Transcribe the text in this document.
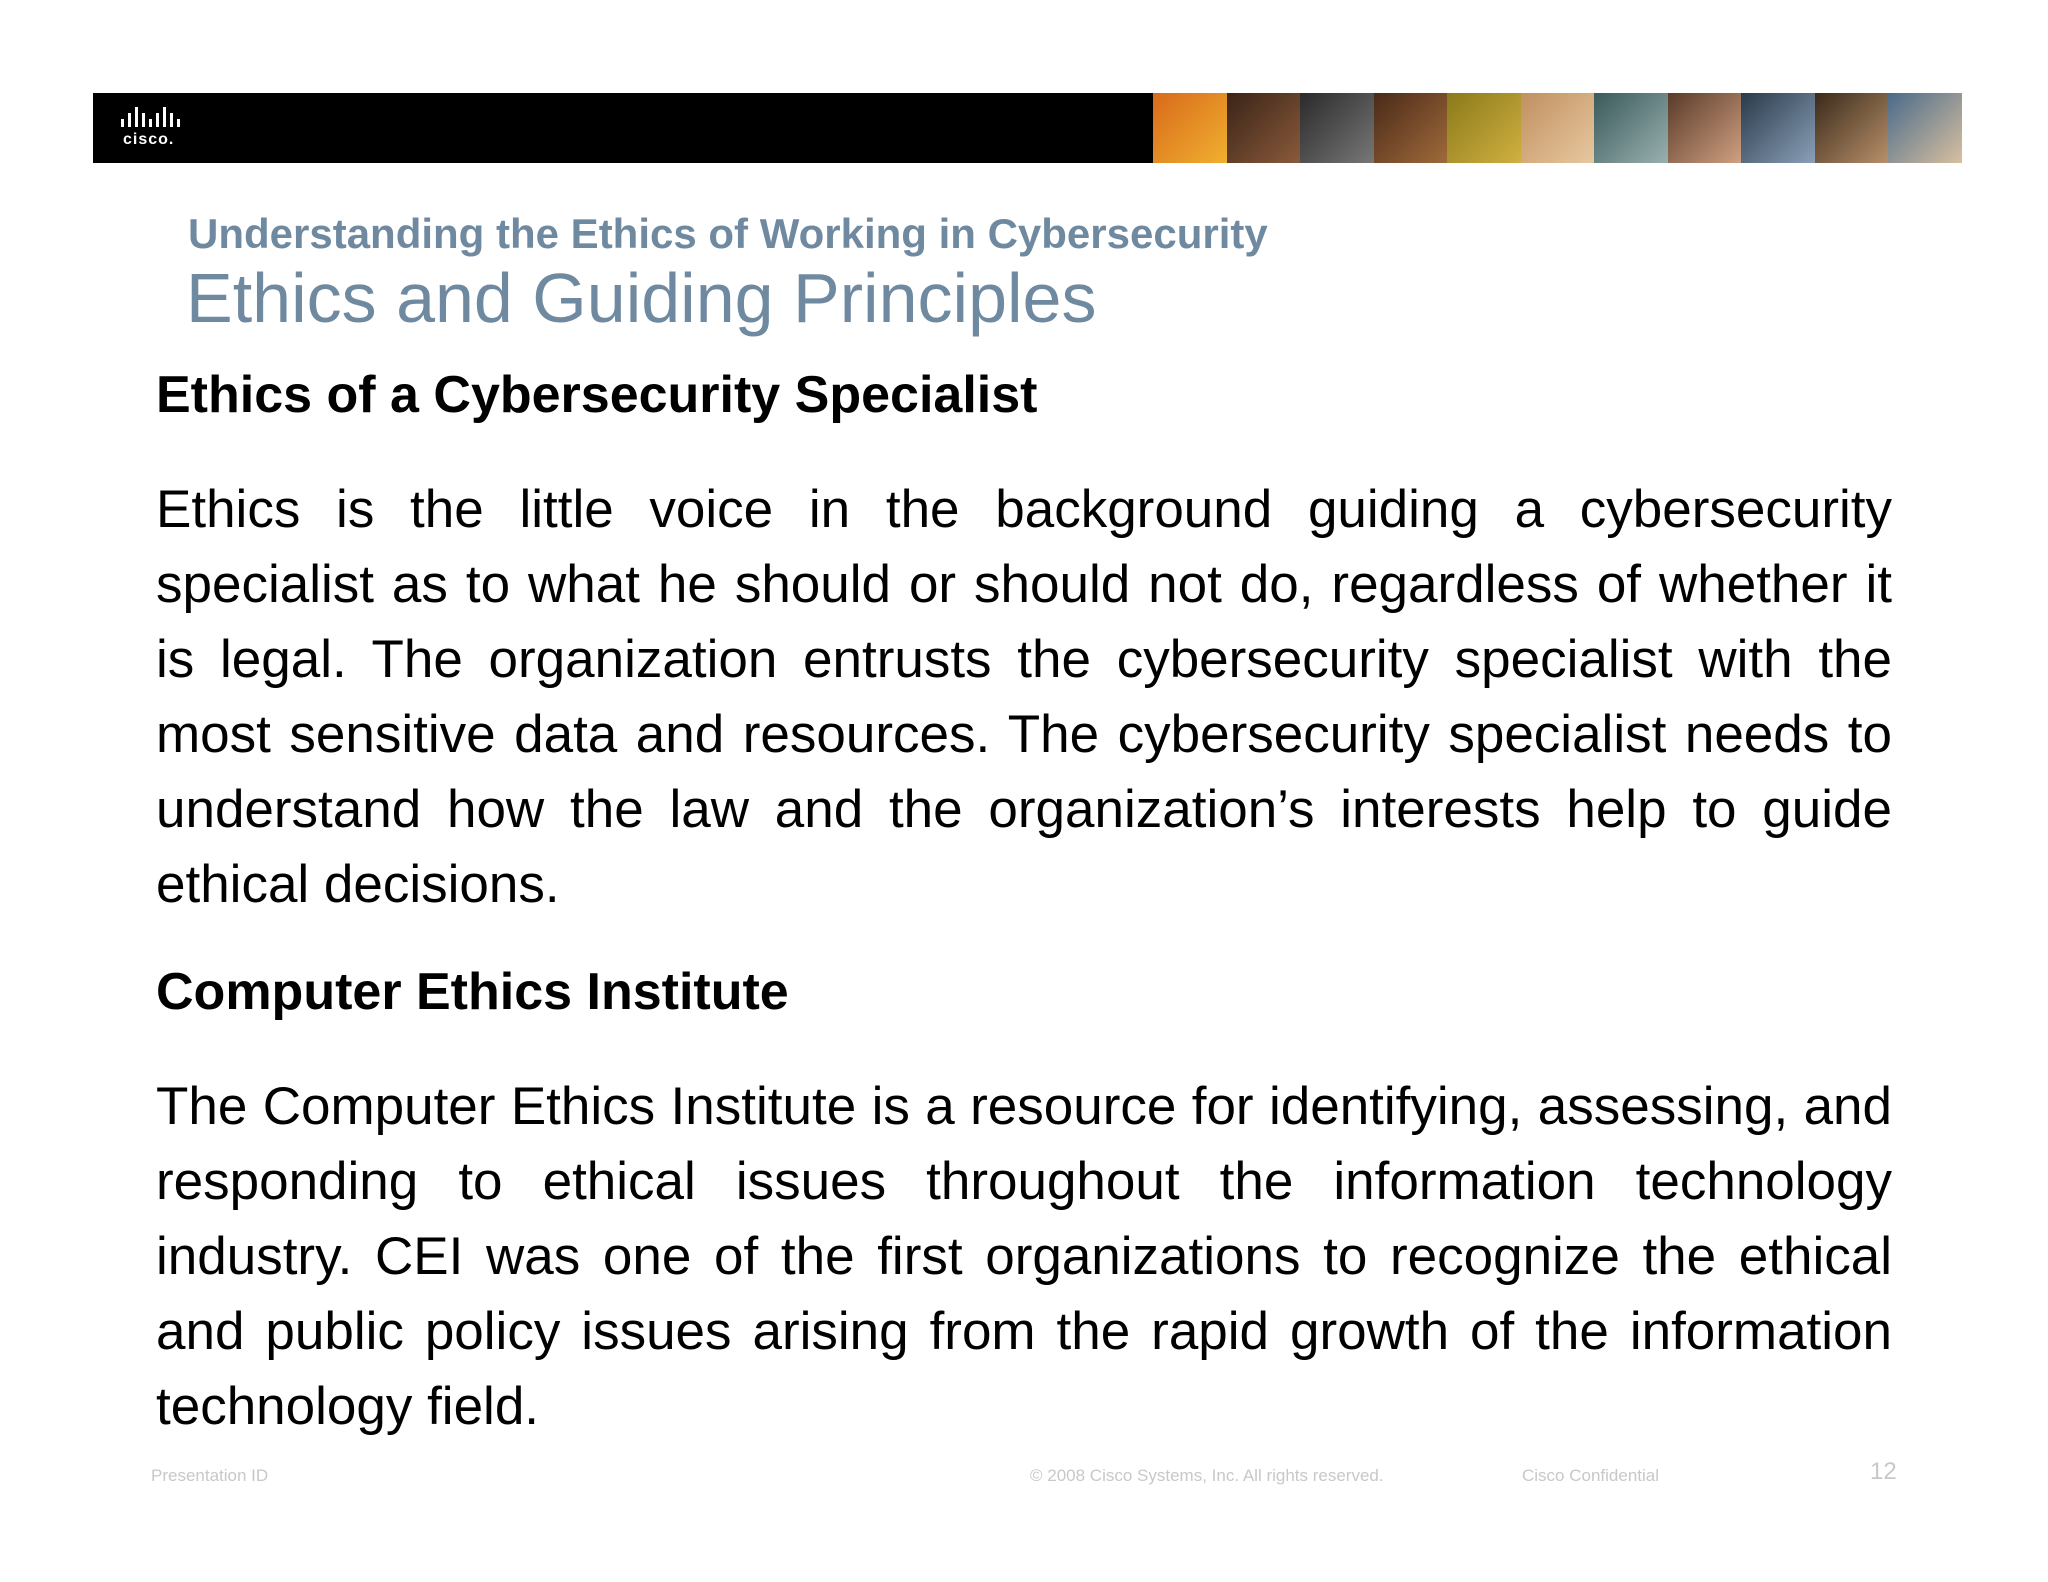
cisco.
Understanding the Ethics of Working in Cybersecurity
Ethics and Guiding Principles
Ethics of a Cybersecurity Specialist

Ethics is the little voice in the background guiding a cybersecurity specialist as to what he should or should not do, regardless of whether it is legal. The organization entrusts the cybersecurity specialist with the most sensitive data and resources. The cybersecurity specialist needs to understand how the law and the organization’s interests help to guide ethical decisions.

Computer Ethics Institute

The Computer Ethics Institute is a resource for identifying, assessing, and responding to ethical issues throughout the information technology industry. CEI was one of the first organizations to recognize the ethical and public policy issues arising from the rapid growth of the information technology field.

Presentation ID	© 2008 Cisco Systems, Inc. All rights reserved.	Cisco Confidential	12
